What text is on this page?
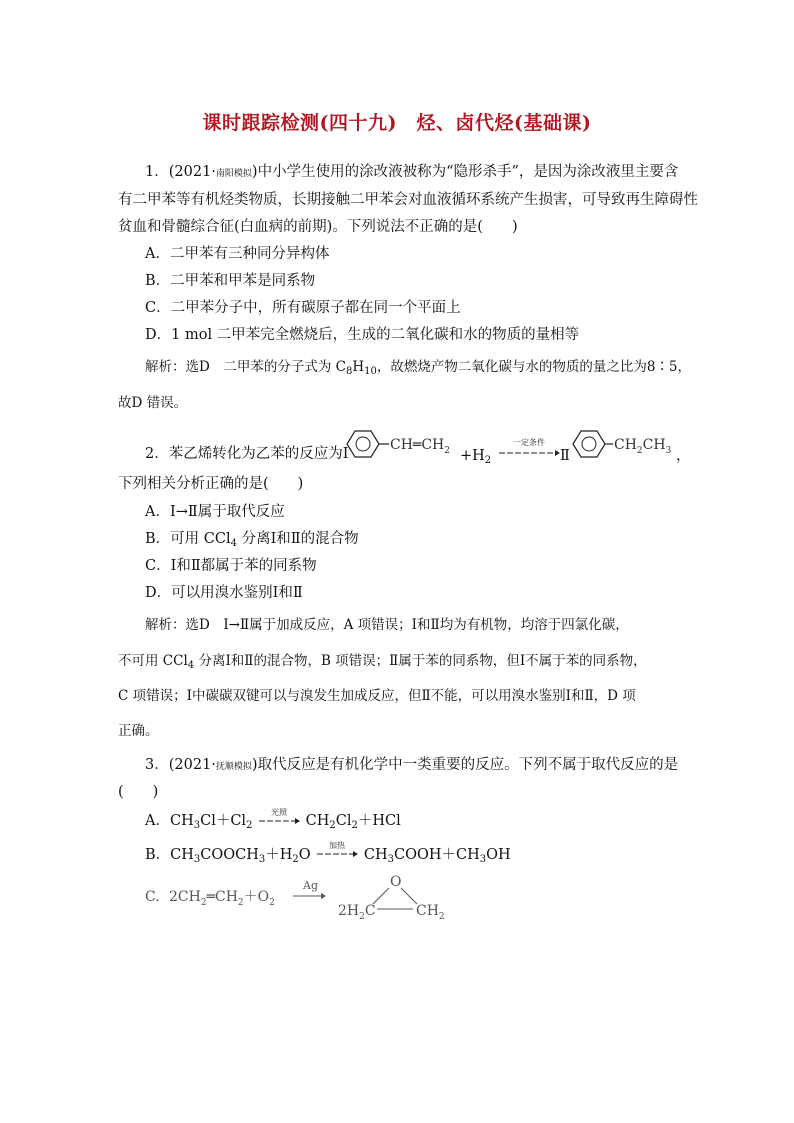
课时跟踪检测(四十九)　烃、卤代烃(基础课)
1．(2021·南阳模拟)中小学生使用的涂改液被称为“隐形杀手”，是因为涂改液里主要含
有二甲苯等有机烃类物质，长期接触二甲苯会对血液循环系统产生损害，可导致再生障碍性
贫血和骨髓综合征(白血病的前期)。下列说法不正确的是(　　)
A．二甲苯有三种同分异构体
B．二甲苯和甲苯是同系物
C．二甲苯分子中，所有碳原子都在同一个平面上
D．1 mol 二甲苯完全燃烧后，生成的二氧化碳和水的物质的量相等
解析：选D　二甲苯的分子式为 $C_8H_{10}$，故燃烧产物二氧化碳与水的物质的量之比为8∶5，
故D 错误。
2．苯乙烯转化为乙苯的反应为Ⅰ
$CH═CH_2 +H_2$
一定条件
Ⅱ
$CH_2CH_3$ ，
下列相关分析正确的是(　　)
A．Ⅰ→Ⅱ属于取代反应
B．可用 CCl$_4$ 分离Ⅰ和Ⅱ的混合物
C．Ⅰ和Ⅱ都属于苯的同系物
D．可以用溴水鉴别Ⅰ和Ⅱ
解析：选D　Ⅰ→Ⅱ属于加成反应，A 项错误；Ⅰ和Ⅱ均为有机物，均溶于四氯化碳，
不可用 CCl$_4$ 分离Ⅰ和Ⅱ的混合物，B 项错误；Ⅱ属于苯的同系物，但Ⅰ不属于苯的同系物，
C 项错误；Ⅰ中碳碳双键可以与溴发生加成反应，但Ⅱ不能，可以用溴水鉴别Ⅰ和Ⅱ，D 项
正确。
3．(2021·抚顺模拟)取代反应是有机化学中一类重要的反应。下列不属于取代反应的是
(　　)
A．$CH_3Cl+Cl_2$
光照
$CH_2Cl_2+HCl$
B．$CH_3COOCH_3+H_2O$
加热
$CH_3COOH+CH_3OH$
C. $2CH_2═CH_2+O_2$
Ag	O
$2H_2C$	$CH_2$
